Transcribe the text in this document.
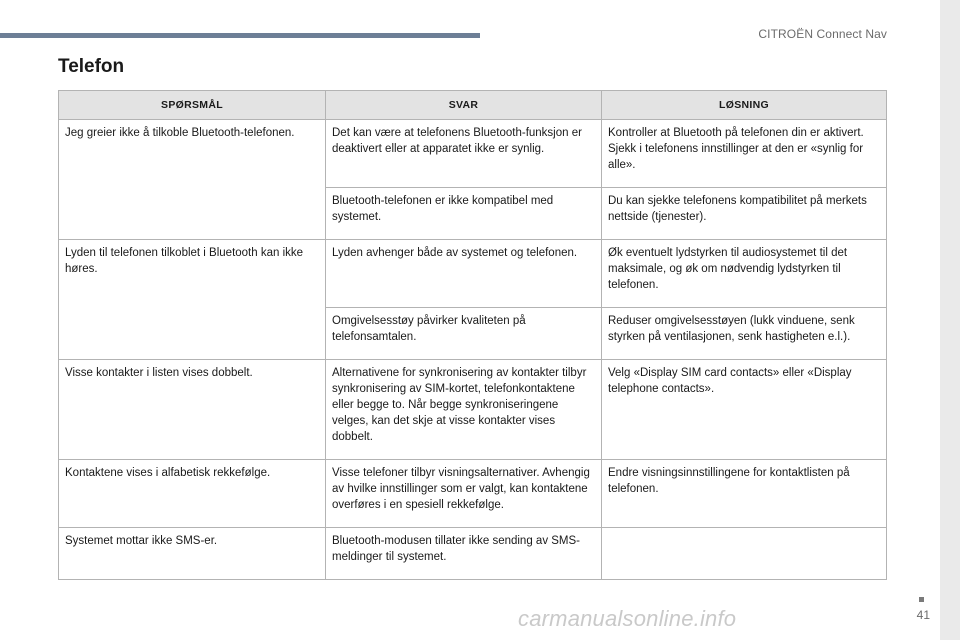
CITROËN Connect Nav
Telefon
SPØRSMÅL	SVAR	LØSNING
Jeg greier ikke å tilkoble Bluetooth-telefonen.	Det kan være at telefonens Bluetooth-funksjon er deaktivert eller at apparatet ikke er synlig.	Kontroller at Bluetooth på telefonen din er aktivert.
Sjekk i telefonens innstillinger at den er «synlig for alle».
	Bluetooth-telefonen er ikke kompatibel med systemet.	Du kan sjekke telefonens kompatibilitet på merkets nettside (tjenester).
Lyden til telefonen tilkoblet i Bluetooth kan ikke høres.	Lyden avhenger både av systemet og telefonen.	Øk eventuelt lydstyrken til audiosystemet til det maksimale, og øk om nødvendig lydstyrken til telefonen.
	Omgivelsesstøy påvirker kvaliteten på telefonsamtalen.	Reduser omgivelsesstøyen (lukk vinduene, senk styrken på ventilasjonen, senk hastigheten e.l.).
Visse kontakter i listen vises dobbelt.	Alternativene for synkronisering av kontakter tilbyr synkronisering av SIM-kortet, telefonkontaktene eller begge to. Når begge synkroniseringene velges, kan det skje at visse kontakter vises dobbelt.	Velg «Display SIM card contacts» eller «Display telephone contacts».
Kontaktene vises i alfabetisk rekkefølge.	Visse telefoner tilbyr visningsalternativer. Avhengig av hvilke innstillinger som er valgt, kan kontaktene overføres i en spesiell rekkefølge.	Endre visningsinnstillingene for kontaktlisten på telefonen.
Systemet mottar ikke SMS-er.	Bluetooth-modusen tillater ikke sending av SMS-meldinger til systemet.	
carmanualsonline.info	41
